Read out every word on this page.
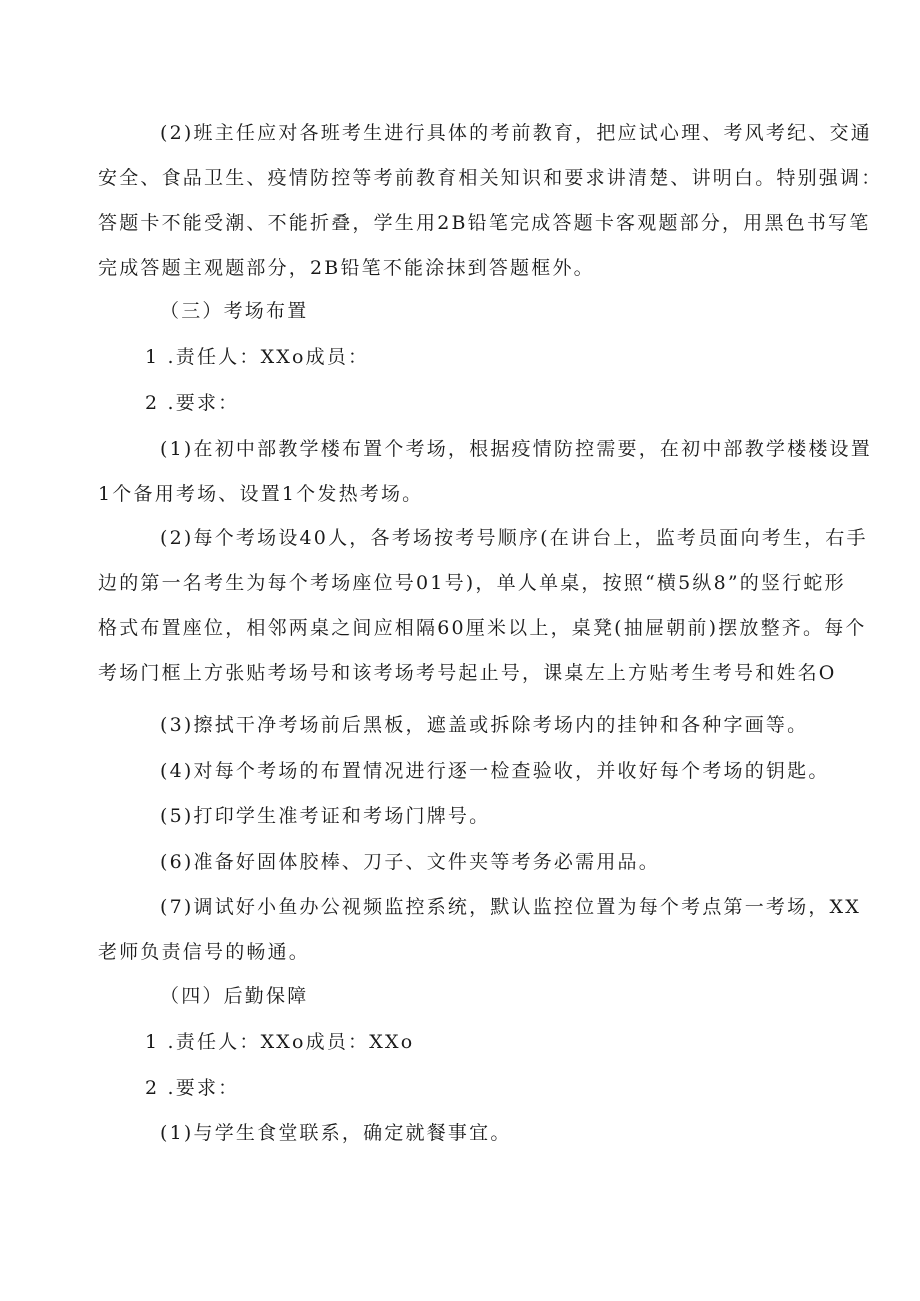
(2)班主任应对各班考生进行具体的考前教育，把应试心理、考风考纪、交通
安全、食品卫生、疫情防控等考前教育相关知识和要求讲清楚、讲明白。特别强调：
答题卡不能受潮、不能折叠，学生用2B铅笔完成答题卡客观题部分，用黑色书写笔
完成答题主观题部分，2B铅笔不能涂抹到答题框外。
（三）考场布置
1 .责任人：XXo成员：
2 .要求：
(1)在初中部教学楼布置个考场，根据疫情防控需要，在初中部教学楼楼设置
1个备用考场、设置1个发热考场。
(2)每个考场设40人，各考场按考号顺序(在讲台上，监考员面向考生，右手
边的第一名考生为每个考场座位号01号)，单人单桌，按照“横5纵8”的竖行蛇形
格式布置座位，相邻两桌之间应相隔60厘米以上，桌凳(抽屉朝前)摆放整齐。每个
考场门框上方张贴考场号和该考场考号起止号，课桌左上方贴考生考号和姓名O
(3)擦拭干净考场前后黑板，遮盖或拆除考场内的挂钟和各种字画等。
(4)对每个考场的布置情况进行逐一检查验收，并收好每个考场的钥匙。
(5)打印学生准考证和考场门牌号。
(6)准备好固体胶棒、刀子、文件夹等考务必需用品。
(7)调试好小鱼办公视频监控系统，默认监控位置为每个考点第一考场，XX
老师负责信号的畅通。
（四）后勤保障
1 .责任人：XXo成员：XXo
2 .要求：
(1)与学生食堂联系，确定就餐事宜。
